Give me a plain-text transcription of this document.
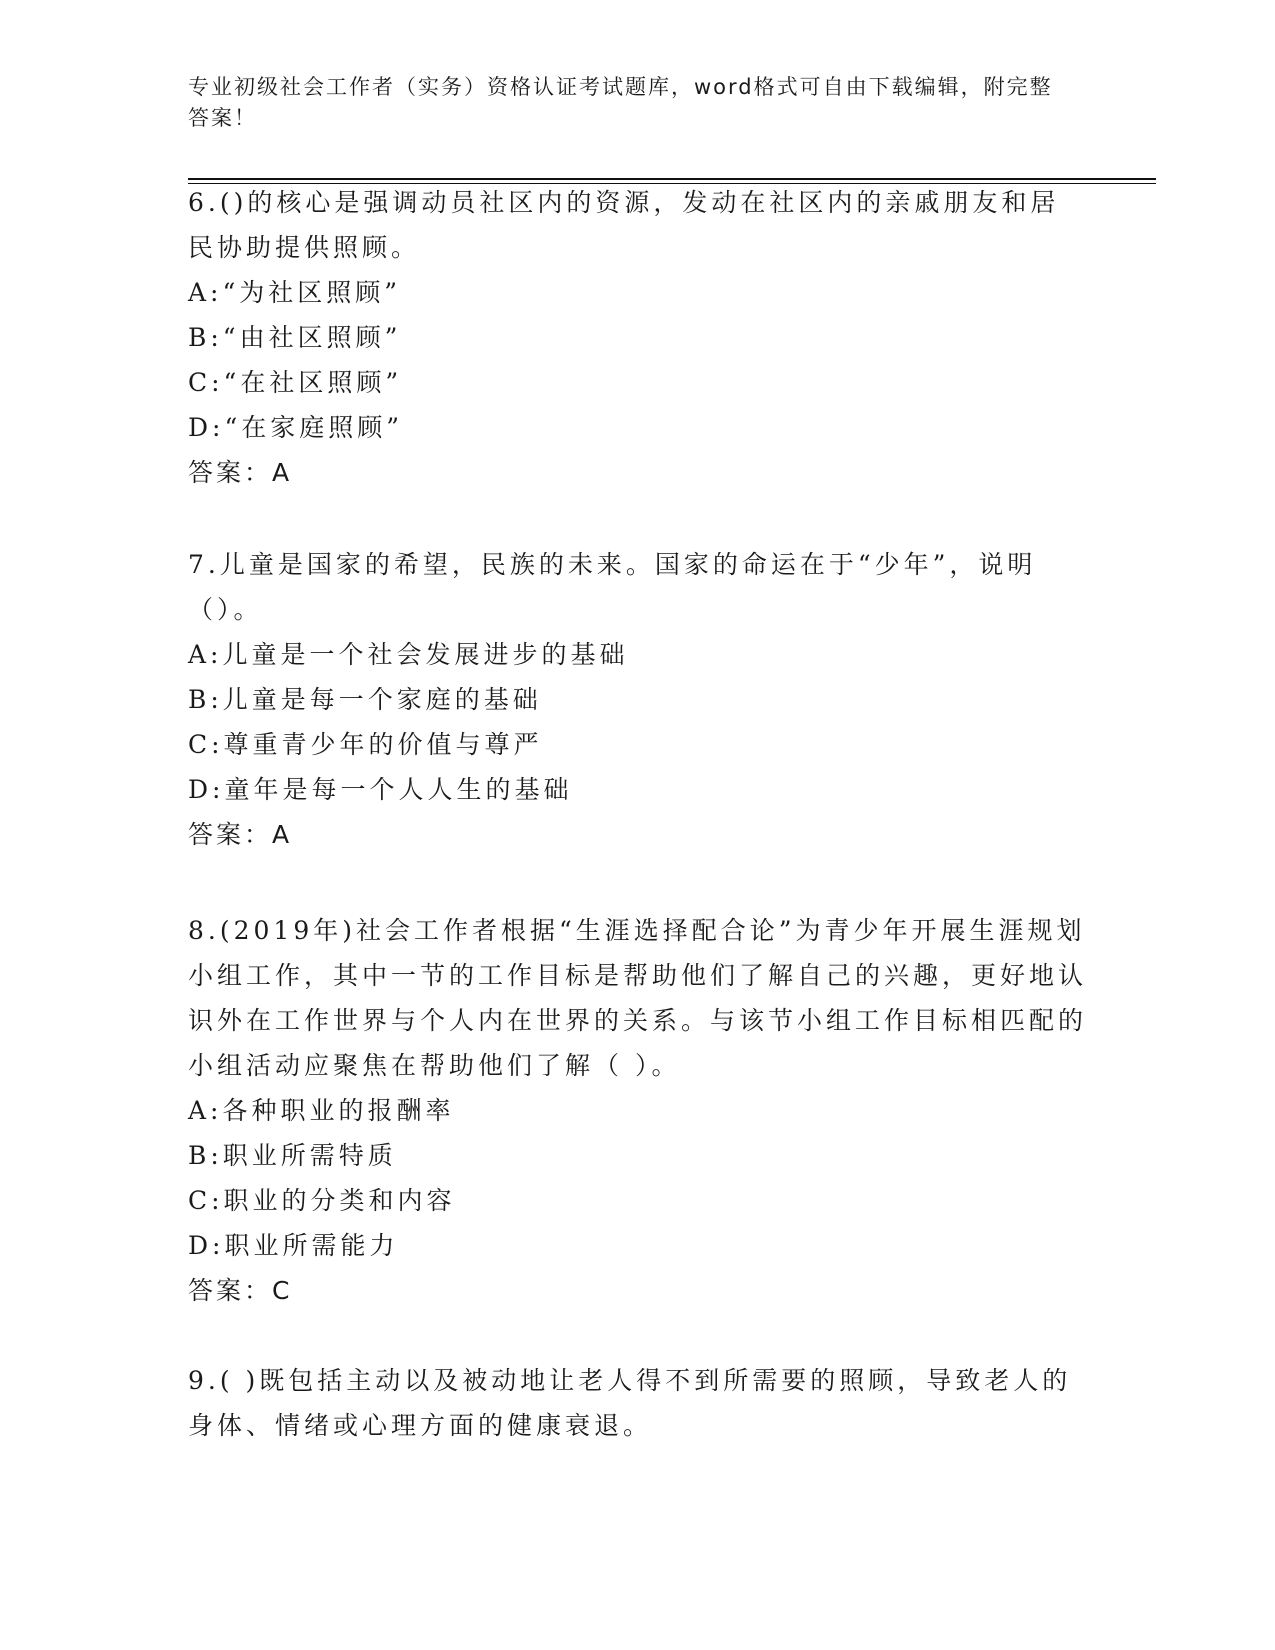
专业初级社会工作者（实务）资格认证考试题库，word格式可自由下载编辑，附完整答案！

6.()的核心是强调动员社区内的资源，发动在社区内的亲戚朋友和居民协助提供照顾。

A:“为社区照顾”

B:“由社区照顾”

C:“在社区照顾”

D:“在家庭照顾”

答案：A

7.儿童是国家的希望，民族的未来。国家的命运在于“少年”，说明（）。

A:儿童是一个社会发展进步的基础

B:儿童是每一个家庭的基础

C:尊重青少年的价值与尊严

D:童年是每一个人人生的基础

答案：A

8.(2019年)社会工作者根据“生涯选择配合论”为青少年开展生涯规划小组工作，其中一节的工作目标是帮助他们了解自己的兴趣，更好地认识外在工作世界与个人内在世界的关系。与该节小组工作目标相匹配的小组活动应聚焦在帮助他们了解（ ）。

A:各种职业的报酬率

B:职业所需特质

C:职业的分类和内容

D:职业所需能力

答案：C

9.( )既包括主动以及被动地让老人得不到所需要的照顾，导致老人的身体、情绪或心理方面的健康衰退。
